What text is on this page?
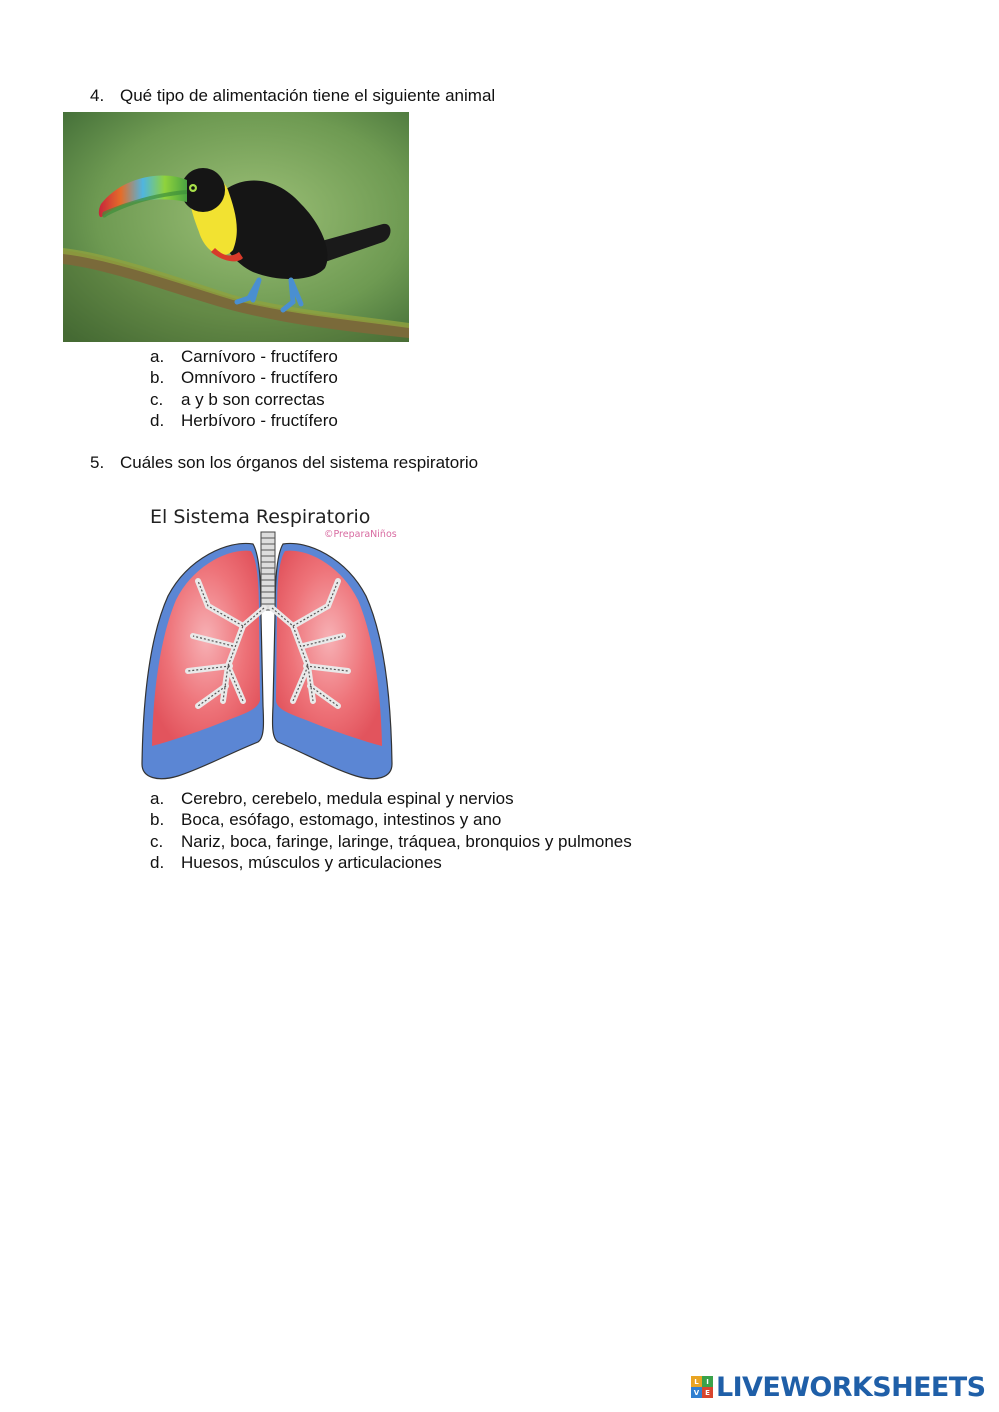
4. Qué tipo de alimentación tiene el siguiente animal
a. Carnívoro - fructífero
b. Omnívoro - fructífero
c. a y b son correctas
d. Herbívoro - fructífero
5. Cuáles son los órganos del sistema respiratorio
El Sistema Respiratorio
©PreparaNiños
a. Cerebro, cerebelo, medula espinal y nervios
b. Boca, esófago, estomago, intestinos y ano
c. Nariz, boca, faringe, laringe, tráquea, bronquios y pulmones
d. Huesos, músculos y articulaciones
L	I
V E LIVEWORKSHEETS
